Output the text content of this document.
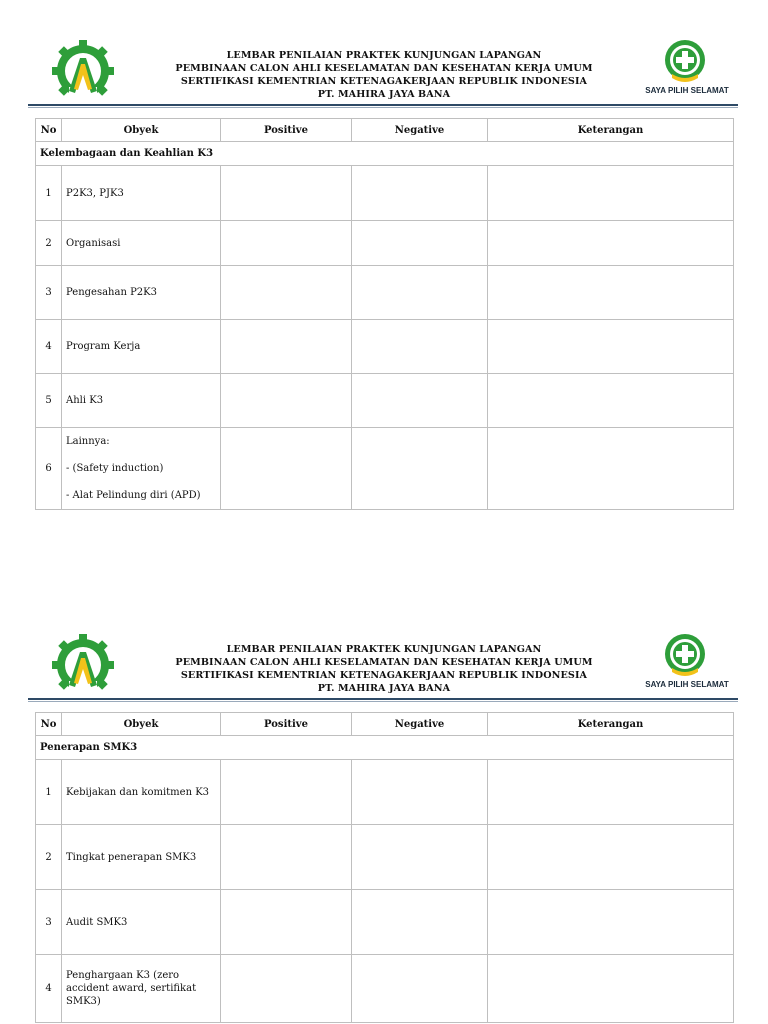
LEMBAR PENILAIAN PRAKTEK KUNJUNGAN LAPANGAN
PEMBINAAN CALON AHLI KESELAMATAN DAN KESEHATAN KERJA UMUM
SERTIFIKASI KEMENTRIAN KETENAGAKERJAAN REPUBLIK INDONESIA
PT. MAHIRA JAYA BANA	SAYA PILIH SELAMAT
No	Obyek	Positive	Negative	Keterangan
Kelembagaan dan Keahlian K3				
1	P2K3, PJK3			
2	Organisasi			
3	Pengesahan P2K3			
4	Program Kerja			
5	Ahli K3			
6	Lainnya:
- (Safety induction)
- Alat Pelindung diri (APD)			

LEMBAR PENILAIAN PRAKTEK KUNJUNGAN LAPANGAN
PEMBINAAN CALON AHLI KESELAMATAN DAN KESEHATAN KERJA UMUM
SERTIFIKASI KEMENTRIAN KETENAGAKERJAAN REPUBLIK INDONESIA
PT. MAHIRA JAYA BANA	SAYA PILIH SELAMAT
No	Obyek	Positive	Negative	Keterangan
Penerapan SMK3				
1	Kebijakan dan komitmen K3			
2	Tingkat penerapan SMK3			
3	Audit SMK3			
4	Penghargaan K3 (zero
accident award, sertifikat
SMK3)			
